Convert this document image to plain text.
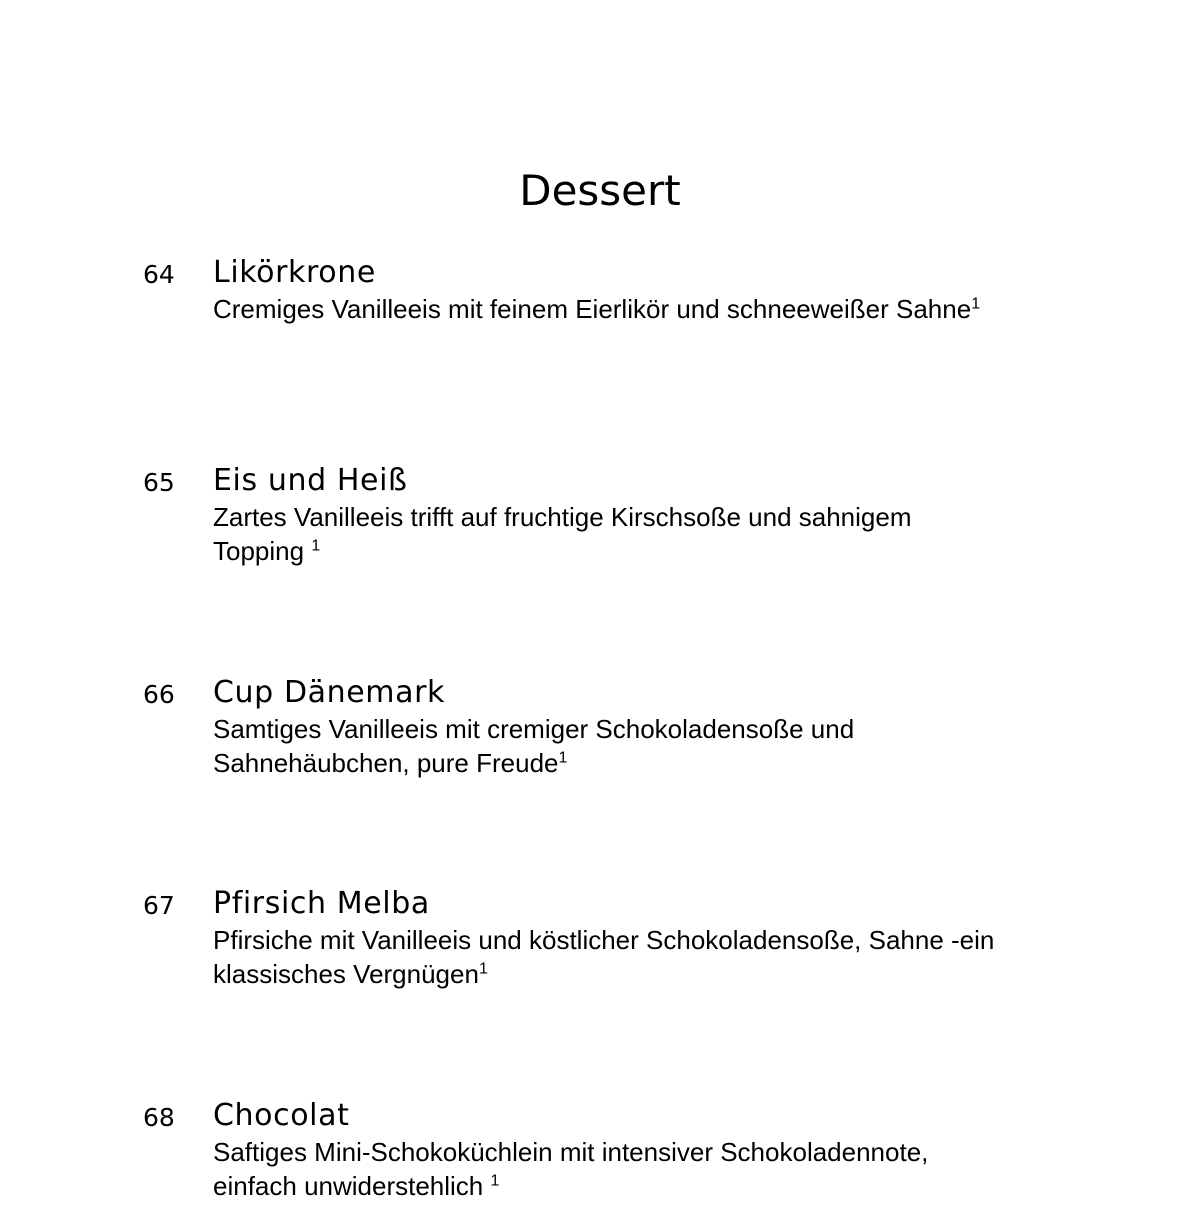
Dessert
64 Likörkrone
Cremiges Vanilleeis mit feinem Eierlikör und schneeweißer Sahne$^1$
65 Eis und Heiß
Zartes Vanilleeis trifft auf fruchtige Kirschsoße und sahnigem Topping $^1$
66 Cup Dänemark
Samtiges Vanilleeis mit cremiger Schokoladensoße und Sahnehäubchen, pure Freude$^1$
67 Pfirsich Melba
Pfirsiche mit Vanilleeis und köstlicher Schokoladensoße, Sahne -ein klassisches Vergnügen$^1$
68 Chocolat
Saftiges Mini-Schokoküchlein mit intensiver Schokoladennote, einfach unwiderstehlich $^1$
